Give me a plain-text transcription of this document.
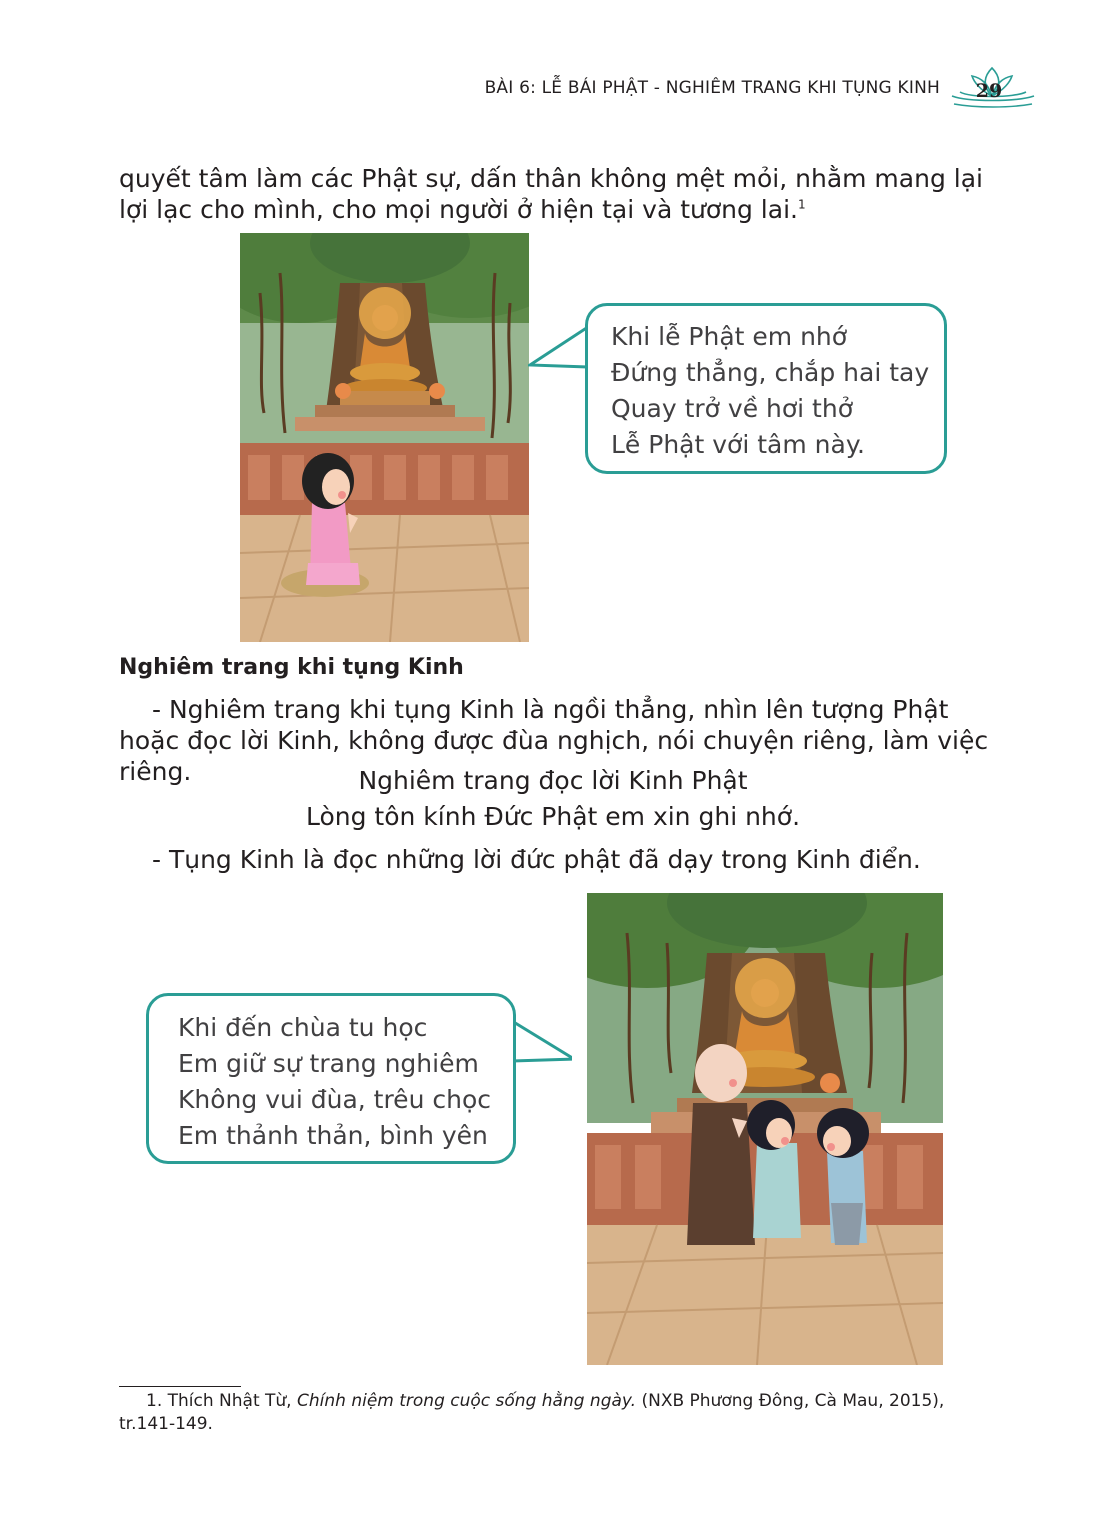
BÀI 6: LỄ BÁI PHẬT - NGHIÊM TRANG KHI TỤNG KINH 29
quyết tâm làm các Phật sự, dấn thân không mệt mỏi, nhằm mang lại lợi lạc cho mình, cho mọi người ở hiện tại và tương lai.$^1$
Khi lễ Phật em nhớ
Đứng thẳng, chắp hai tay
Quay trở về hơi thở
Lễ Phật với tâm này.
Nghiêm trang khi tụng Kinh
- Nghiêm trang khi tụng Kinh là ngồi thẳng, nhìn lên tượng Phật hoặc đọc lời Kinh, không được đùa nghịch, nói chuyện riêng, làm việc riêng.	Nghiêm trang đọc lời Kinh Phật
Lòng tôn kính Đức Phật em xin ghi nhớ.
- Tụng Kinh là đọc những lời đức phật đã dạy trong Kinh điển.
Khi đến chùa tu học
Em giữ sự trang nghiêm
Không vui đùa, trêu chọc
Em thảnh thản, bình yên
1. Thích Nhật Từ, Chính niệm trong cuộc sống hằng ngày. (NXB Phương Đông, Cà Mau, 2015), tr.141-149.
